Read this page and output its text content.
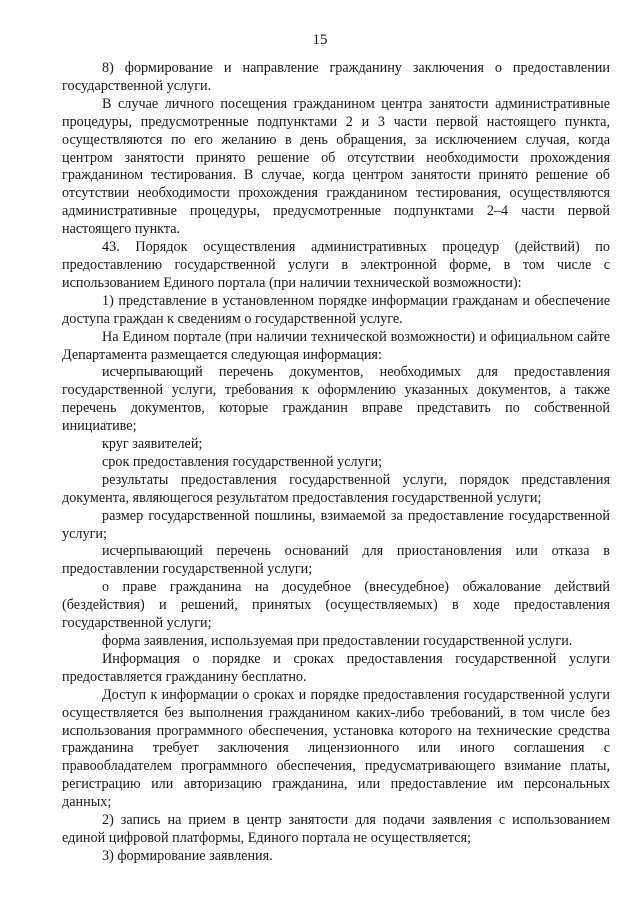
15

8) формирование и направление гражданину заключения о предоставлении государственной услуги.

В случае личного посещения гражданином центра занятости административные процедуры, предусмотренные подпунктами 2 и 3 части первой настоящего пункта, осуществляются по его желанию в день обращения, за исключением случая, когда центром занятости принято решение об отсутствии необходимости прохождения гражданином тестирования. В случае, когда центром занятости принято решение об отсутствии необходимости прохождения гражданином тестирования, осуществляются административные процедуры, предусмотренные подпунктами 2–4 части первой настоящего пункта.

43. Порядок осуществления административных процедур (действий) по предоставлению государственной услуги в электронной форме, в том числе с использованием Единого портала (при наличии технической возможности):

1) представление в установленном порядке информации гражданам и обеспечение доступа граждан к сведениям о государственной услуге.

На Едином портале (при наличии технической возможности) и официальном сайте Департамента размещается следующая информация:

исчерпывающий перечень документов, необходимых для предоставления государственной услуги, требования к оформлению указанных документов, а также перечень документов, которые гражданин вправе представить по собственной инициативе;

круг заявителей;

срок предоставления государственной услуги;

результаты предоставления государственной услуги, порядок представления документа, являющегося результатом предоставления государственной услуги;

размер государственной пошлины, взимаемой за предоставление государственной услуги;

исчерпывающий перечень оснований для приостановления или отказа в предоставлении государственной услуги;

о праве гражданина на досудебное (внесудебное) обжалование действий (бездействия) и решений, принятых (осуществляемых) в ходе предоставления государственной услуги;

форма заявления, используемая при предоставлении государственной услуги.

Информация о порядке и сроках предоставления государственной услуги предоставляется гражданину бесплатно.

Доступ к информации о сроках и порядке предоставления государственной услуги осуществляется без выполнения гражданином каких-либо требований, в том числе без использования программного обеспечения, установка которого на технические средства гражданина требует заключения лицензионного или иного соглашения с правообладателем программного обеспечения, предусматривающего взимание платы, регистрацию или авторизацию гражданина, или предоставление им персональных данных;

2) запись на прием в центр занятости для подачи заявления с использованием единой цифровой платформы, Единого портала не осуществляется;

3) формирование заявления.
